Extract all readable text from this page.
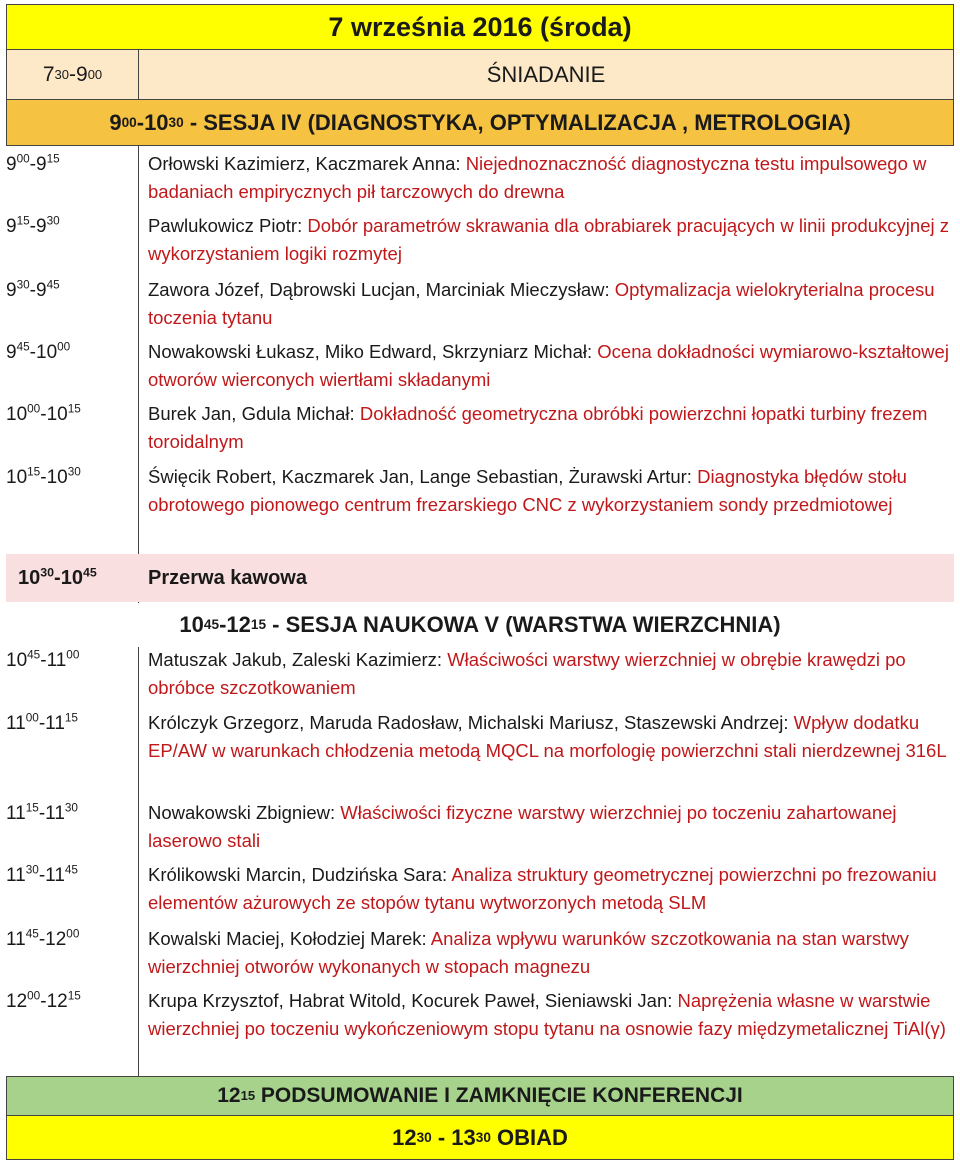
7 września 2016 (środa)
7 30 - 9 00	ŚNIADANIE
9 00 - 10 30 - SESJA IV (DIAGNOSTYKA, OPTYMALIZACJA , METROLOGIA)
$9^{00}-9^{15}$	Orłowski Kazimierz, Kaczmarek Anna: Niejednoznaczność diagnostyczna testu impulsowego w badaniach empirycznych pił tarczowych do drewna
$9^{15}-9^{30}$	Pawlukowicz Piotr: Dobór parametrów skrawania dla obrabiarek pracujących w linii produkcyjnej z wykorzystaniem logiki rozmytej
$9^{30}-9^{45}$	Zawora Józef, Dąbrowski Lucjan, Marciniak Mieczysław: Optymalizacja wielokryterialna procesu toczenia tytanu
$9^{45}-10^{00}$	Nowakowski Łukasz, Miko Edward, Skrzyniarz Michał: Ocena dokładności wymiarowo-kształtowej otworów wierconych wiertłami składanymi
$10^{00}-10^{15}$	Burek Jan, Gdula Michał: Dokładność geometryczna obróbki powierzchni łopatki turbiny frezem toroidalnym
$10^{15}-10^{30}$	Święcik Robert, Kaczmarek Jan, Lange Sebastian, Żurawski Artur: Diagnostyka błędów stołu obrotowego pionowego centrum frezarskiego CNC z wykorzystaniem sondy przedmiotowej
$10^{30}-10^{45}$	Przerwa kawowa
10 45 - 12 15 - SESJA NAUKOWA V (WARSTWA WIERZCHNIA)
$10^{45}-11^{00}$	Matuszak Jakub, Zaleski Kazimierz: Właściwości warstwy wierzchniej w obrębie krawędzi po obróbce szczotkowaniem
$11^{00}-11^{15}$	Królczyk Grzegorz, Maruda Radosław, Michalski Mariusz, Staszewski Andrzej: Wpływ dodatku EP/AW w warunkach chłodzenia metodą MQCL na morfologię powierzchni stali nierdzewnej 316L
$11^{15}-11^{30}$	Nowakowski Zbigniew: Właściwości fizyczne warstwy wierzchniej po toczeniu zahartowanej laserowo stali
$11^{30}-11^{45}$	Królikowski Marcin, Dudzińska Sara: Analiza struktury geometrycznej powierzchni po frezowaniu elementów ażurowych ze stopów tytanu wytworzonych metodą SLM
$11^{45}-12^{00}$	Kowalski Maciej, Kołodziej Marek: Analiza wpływu warunków szczotkowania na stan warstwy wierzchniej otworów wykonanych w stopach magnezu
$12^{00}-12^{15}$	Krupa Krzysztof, Habrat Witold, Kocurek Paweł, Sieniawski Jan: Naprężenia własne w warstwie wierzchniej po toczeniu wykończeniowym stopu tytanu na osnowie fazy międzymetalicznej TiAl(γ)
12 15 PODSUMOWANIE I ZAMKNIĘCIE KONFERENCJI
12 30 - 13 30 OBIAD
